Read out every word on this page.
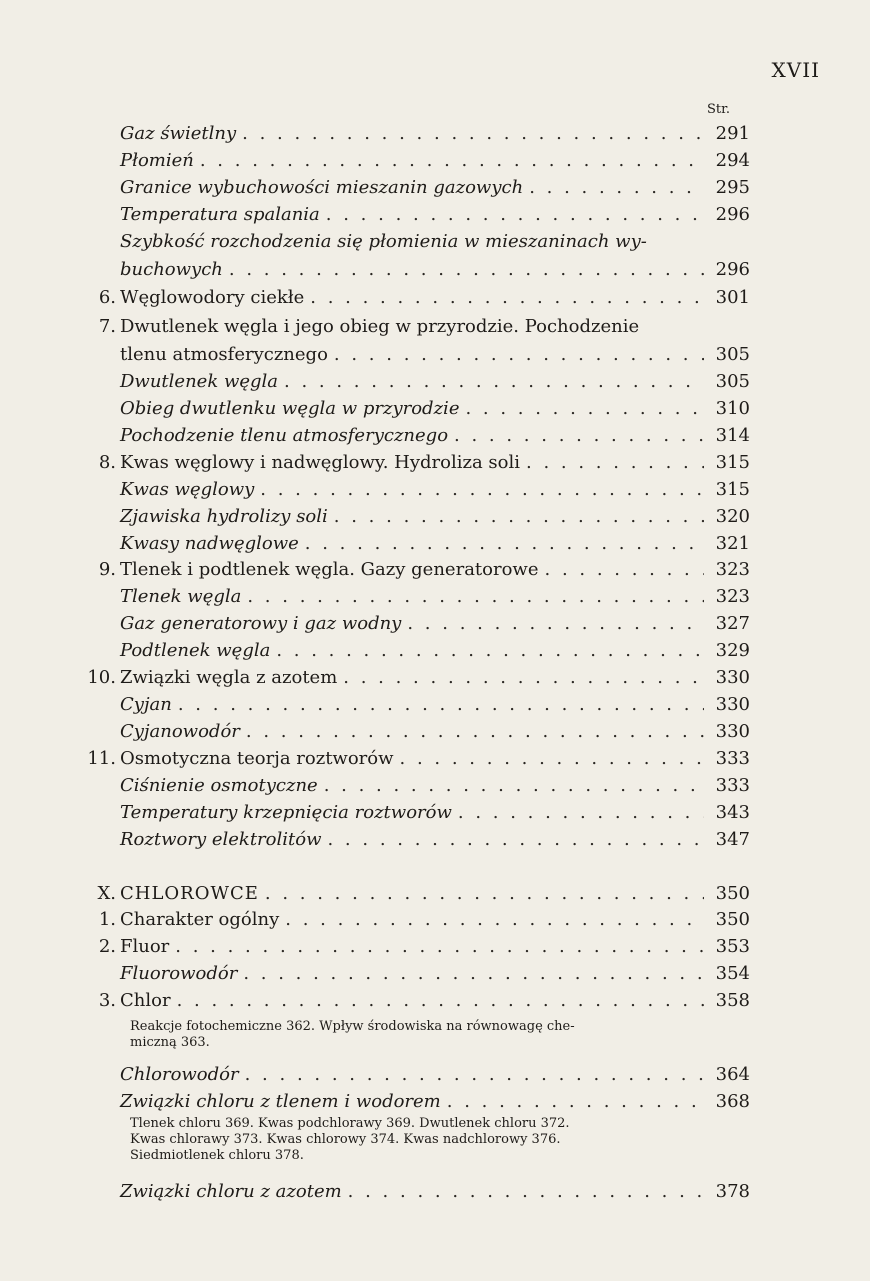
XVII
Str.
Gaz świetlny . . .	291
Płomień . . .	294
Granice wybuchowości mieszanin gazowych . . .	295
Temperatura spalania . . .	296
Szybkość rozchodzenia się płomienia w mieszaninach wy-
buchowych . . .	296
6. Węglowodory ciekłe . . .	301
7. Dwutlenek węgla i jego obieg w przyrodzie. Pochodzenie
tlenu atmosferycznego . . .	305
Dwutlenek węgla . . .	305
Obieg dwutlenku węgla w przyrodzie . . .	310
Pochodzenie tlenu atmosferycznego . . .	314
8. Kwas węglowy i nadwęglowy. Hydroliza soli . . .	315
Kwas węglowy . . .	315
Zjawiska hydrolizy soli . . .	320
Kwasy nadwęglowe . . .	321
9. Tlenek i podtlenek węgla. Gazy generatorowe . . .	323
Tlenek węgla . . .	323
Gaz generatorowy i gaz wodny . . .	327
Podtlenek węgla . . .	329
10. Związki węgla z azotem . . .	330
Cyjan . . .	330
Cyjanowodór . . .	330
11. Osmotyczna teorja roztworów . . .	333
Ciśnienie osmotyczne . . .	333
Temperatury krzepnięcia roztworów . . .	343
Roztwory elektrolitów . . .	347
X. CHLOROWCE . . .	350
1. Charakter ogólny . . .	350
2. Fluor . . .	353
Fluorowodór . . .	354
3. Chlor . . .	358
Reakcje fotochemiczne 362. Wpływ środowiska na równowagę che-
miczną 363.
Chlorowodór . . .	364
Związki chloru z tlenem i wodorem . . .	368
Tlenek chloru 369. Kwas podchlorawy 369. Dwutlenek chloru 372.
Kwas chlorawy 373. Kwas chlorowy 374. Kwas nadchlorowy 376.
Siedmiotlenek chloru 378.
Związki chloru z azotem . . .	378
